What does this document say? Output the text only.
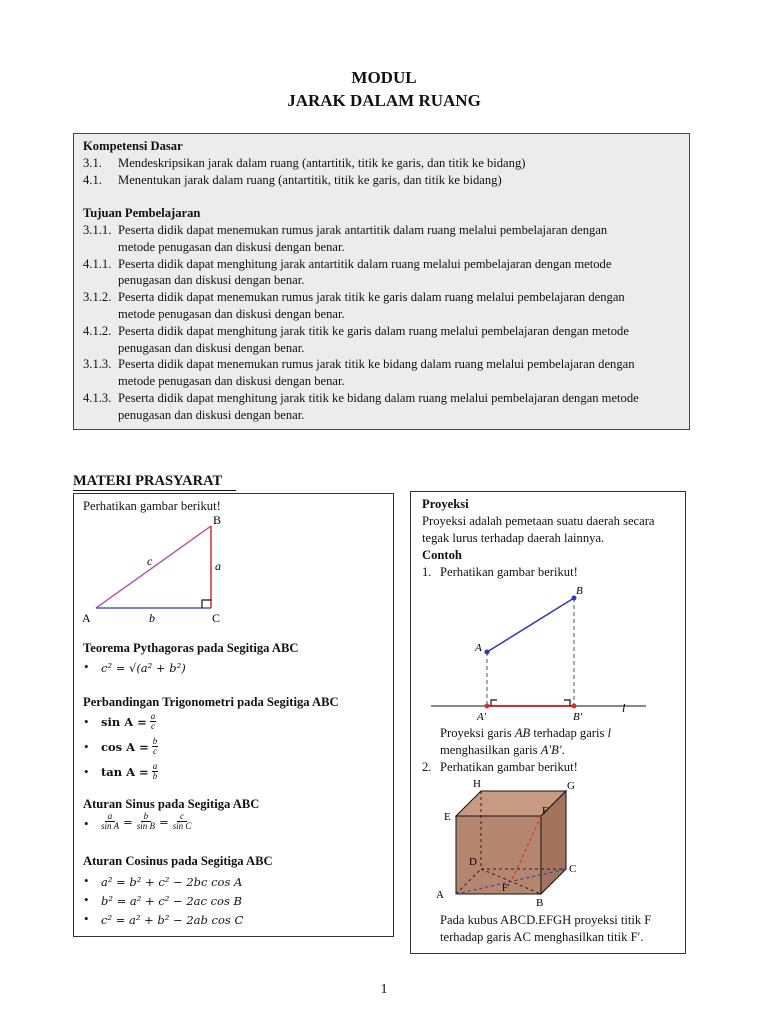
MODUL
JARAK DALAM RUANG
Kompetensi Dasar
3.1.	Mendeskripsikan jarak dalam ruang (antartitik, titik ke garis, dan titik ke bidang)
4.1.	Menentukan jarak dalam ruang (antartitik, titik ke garis, dan titik ke bidang)
Tujuan Pembelajaran
3.1.1. Peserta didik dapat menemukan rumus jarak antartitik dalam ruang melalui pembelajaran dengan
metode penugasan dan diskusi dengan benar.
4.1.1. Peserta didik dapat menghitung jarak antartitik dalam ruang melalui pembelajaran dengan metode
penugasan dan diskusi dengan benar.
3.1.2. Peserta didik dapat menemukan rumus jarak titik ke garis dalam ruang melalui pembelajaran dengan
metode penugasan dan diskusi dengan benar.
4.1.2. Peserta didik dapat menghitung jarak titik ke garis dalam ruang melalui pembelajaran dengan metode
penugasan dan diskusi dengan benar.
3.1.3. Peserta didik dapat menemukan rumus jarak titik ke bidang dalam ruang melalui pembelajaran dengan
metode penugasan dan diskusi dengan benar.
4.1.3. Peserta didik dapat menghitung jarak titik ke bidang dalam ruang melalui pembelajaran dengan metode
penugasan dan diskusi dengan benar.
MATERI PRASYARAT
Perhatikan gambar berikut!
A
B
C
a
b
c
Teorema Pythagoras pada Segitiga ABC
• c² = √(a² + b²)
Perbandingan Trigonometri pada Segitiga ABC
• $\sin A = \frac{a}{c}$
• $\cos A = \frac{b}{c}$
• $\tan A = \frac{a}{b}$
Aturan Sinus pada Segitiga ABC
• $\frac{a}{\text{sin A}} = \frac{b}{\text{sin B}} = \frac{c}{\text{sin C}}$
Aturan Cosinus pada Segitiga ABC
• a² = b² + c² − 2bc cos A
• b² = a² + c² − 2ac cos B
• c² = a² + b² − 2ab cos C
Proyeksi
Proyeksi adalah pemetaan suatu daerah secara
tegak lurus terhadap daerah lainnya.
Contoh
1. Perhatikan gambar berikut!
A
B
A′	B′
l
Proyeksi garis AB terhadap garis l
menghasilkan garis A′B′.
2. Perhatikan gambar berikut!
A
B
C
D
E	F
G
H
F′
Pada kubus ABCD.EFGH proyeksi titik F
terhadap garis AC menghasilkan titik F′.
1
